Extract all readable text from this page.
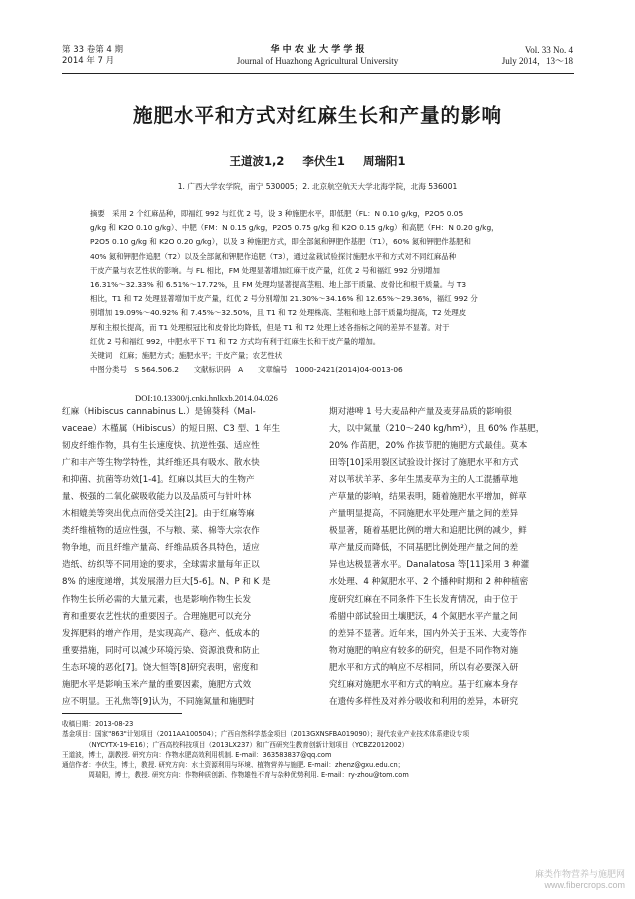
第 33 卷第 4 期
2014 年 7 月
华 中 农 业 大 学 学 报
Journal of Huazhong Agricultural University
Vol. 33 No. 4
July 2014，13～18
施肥水平和方式对红麻生长和产量的影响
王道波1,2 李伏生1 周瑞阳1
1. 广西大学农学院，南宁 530005；2. 北京航空航天大学北海学院，北海 536001
摘要　采用 2 个红麻品种，即福红 992 与红优 2 号，设 3 种施肥水平，即低肥（FL：N 0.10 g/kg，P2O5 0.05
g/kg 和 K2O 0.10 g/kg）、中肥（FM：N 0.15 g/kg，P2O5 0.75 g/kg 和 K2O 0.15 g/kg）和高肥（FH：N 0.20 g/kg，
P2O5 0.10 g/kg 和 K2O 0.20 g/kg），以及 3 种施肥方式，即全部氮和钾肥作基肥（T1），60% 氮和钾肥作基肥和
40% 氮和钾肥作追肥（T2）以及全部氮和钾肥作追肥（T3），通过盆栽试验探讨施肥水平和方式对不同红麻品种
干皮产量与农艺性状的影响。与 FL 相比，FM 处理显著增加红麻干皮产量，红优 2 号和福红 992 分别增加
16.31%～32.33% 和 6.51%～17.72%，且 FM 处理均显著提高茎粗、地上部干质量、皮骨比和根干质量。与 T3
相比，T1 和 T2 处理显著增加干皮产量，红优 2 号分别增加 21.30%～34.16% 和 12.65%～29.36%，福红 992 分
别增加 19.09%～40.92% 和 7.45%～32.50%，且 T1 和 T2 处理株高、茎粗和地上部干质量均提高，T2 处理皮
厚和主根长提高，而 T1 处理根冠比和皮骨比均降低，但是 T1 和 T2 处理上述各指标之间的差异不显著。对于
红优 2 号和福红 992，中肥水平下 T1 和 T2 方式均有利于红麻生长和干皮产量的增加。
关键词　红麻；施肥方式；施肥水平；干皮产量；农艺性状
中图分类号　S 564.506.2　　文献标识码　A　　文章编号　1000-2421(2014)04-0013-06
DOI:10.13300/j.cnki.hnlkxb.2014.04.026
红麻（Hibiscus cannabinus L.）是锦葵科（Mal-
vaceae）木槿属（Hibiscus）的短日照、C3 型、1 年生
韧皮纤维作物，具有生长速度快、抗逆性强、适应性
广和丰产等生物学特性，其纤维还具有吸水、散水快
和抑菌、抗菌等功效[1-4]。红麻以其巨大的生物产
量、极强的二氧化碳吸收能力以及品质可与针叶林
木相媲美等突出优点而倍受关注[2]。由于红麻等麻
类纤维植物的适应性强，不与粮、菜、棉等大宗农作
物争地，而且纤维产量高、纤维品质各具特色，适应
造纸、纺织等不同用途的要求，全球需求量每年正以
8% 的速度递增，其发展潜力巨大[5-6]。N、P 和 K 是
作物生长所必需的大量元素，也是影响作物生长发
育和重要农艺性状的重要因子。合理施肥可以充分
发挥肥料的增产作用，是实现高产、稳产、低成本的
重要措施，同时可以减少环境污染、资源浪费和防止
生态环境的恶化[7]。饶大恒等[8]研究表明，密度和
施肥水平是影响玉米产量的重要因素，施肥方式效
应不明显。王礼焦等[9]认为，不同施氮量和施肥时
期对港啤 1 号大麦品种产量及麦芽品质的影响很
大，以中氮量（210～240 kg/hm²），且 60% 作基肥，
20% 作苗肥，20% 作拔节肥的施肥方式最佳。莫本
田等[10]采用裂区试验设计探讨了施肥水平和方式
对以苇状羊茅、多年生黑麦草为主的人工混播草地
产草量的影响，结果表明，随着施肥水平增加，鲜草
产量明显提高，不同施肥水平处理产量之间的差异
极显著，随着基肥比例的增大和追肥比例的减少，鲜
草产量反而降低，不同基肥比例处理产量之间的差
异也达极显著水平。Danalatosa 等[11]采用 3 种灌
水处理、4 种氮肥水平、2 个播种时期和 2 种种植密
度研究红麻在不同条件下生长发育情况，由于位于
希腊中部试验田土壤肥沃，4 个氮肥水平产量之间
的差异不显著。近年来，国内外关于玉米、大麦等作
物对施肥的响应有较多的研究，但是不同作物对施
肥水平和方式的响应不尽相同，所以有必要深入研
究红麻对施肥水平和方式的响应。基于红麻本身存
在遗传多样性及对养分吸收和利用的差异，本研究
收稿日期：2013-08-23
基金项目：国家"863"计划项目（2011AA100504）；广西自然科学基金项目（2013GXNSFBA019090）；现代农业产业技术体系建设专项
　　　　（NYCYTX-19-E16）；广西高校科技项目（2013LX237）和广西研究生教育创新计划项目（YCBZ2012002）
王道波，博士，副教授. 研究方向：作物水肥高效利用机制. E-mail：363583837@qq.com
通信作者：李伏生，博士，教授. 研究方向：水土资源利用与环境、植物营养与施肥. E-mail：zhenz@gxu.edu.cn；
　　　　周瑞阳，博士，教授. 研究方向：作物种质创新、作物雄性不育与杂种优势利用. E-mail：ry-zhou@tom.com
麻类作物营养与施肥网
www.fibercrops.com
